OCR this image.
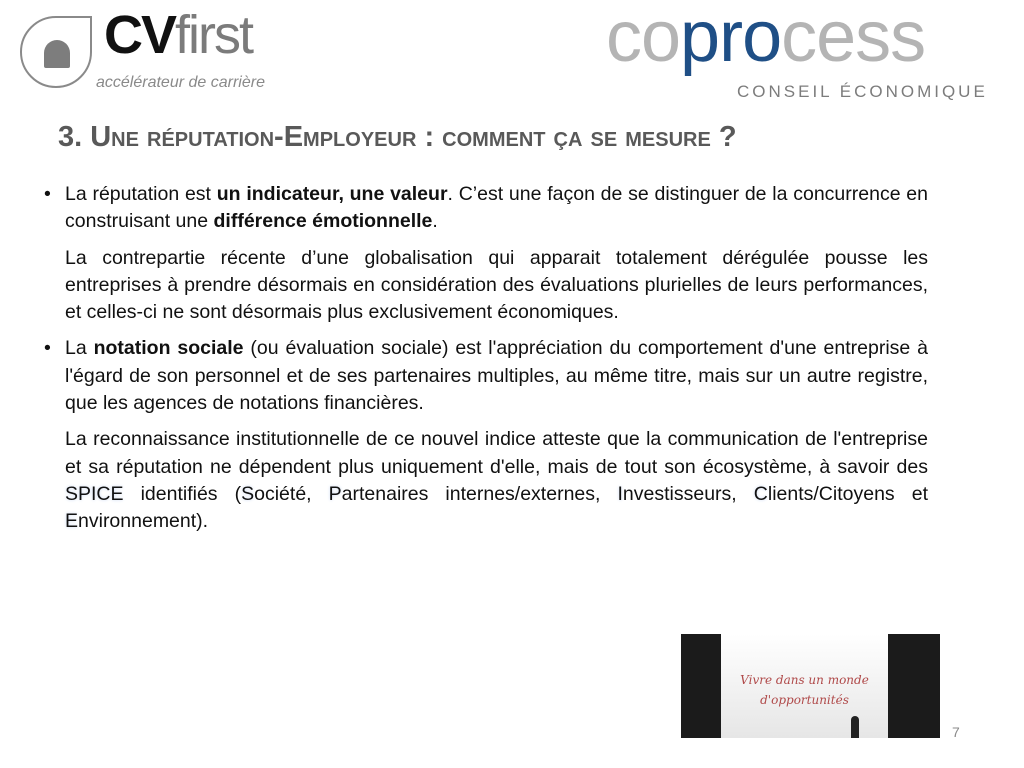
CVfirst
accélérateur de carrière
coprocess
CONSEIL ÉCONOMIQUE
3. Une réputation-Employeur : comment ça se mesure ?
• La réputation est un indicateur, une valeur. C’est une façon de se distinguer de la concurrence en construisant une différence émotionnelle.
La contrepartie récente d’une globalisation qui apparait totalement dérégulée pousse les entreprises à prendre désormais en considération des évaluations plurielles de leurs performances, et celles-ci ne sont désormais plus exclusivement économiques.
• La notation sociale (ou évaluation sociale) est l'appréciation du comportement d'une entreprise à l'égard de son personnel et de ses partenaires multiples, au même titre, mais sur un autre registre, que les agences de notations financières.
La reconnaissance institutionnelle de ce nouvel indice atteste que la communication de l'entreprise et sa réputation ne dépendent plus uniquement d'elle, mais de tout son écosystème, à savoir des SPICE identifiés (Société, Partenaires internes/externes, Investisseurs, Clients/Citoyens et Environnement).
Vivre dans un monde
d'opportunités
7
